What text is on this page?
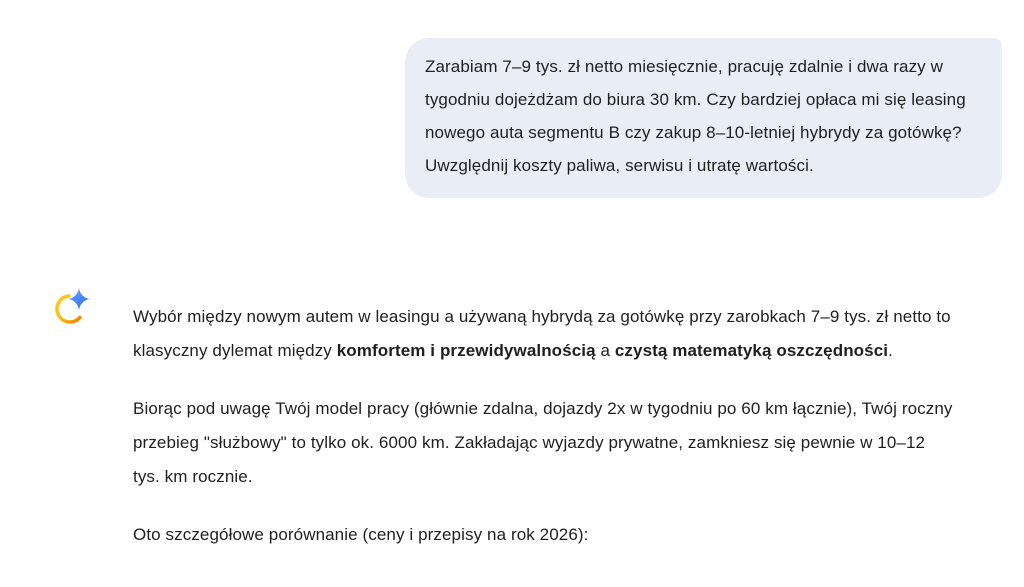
Zarabiam 7–9 tys. zł netto miesięcznie, pracuję zdalnie i dwa razy w tygodniu dojeżdżam do biura 30 km. Czy bardziej opłaca mi się leasing nowego auta segmentu B czy zakup 8–10-letniej hybrydy za gotówkę? Uwzględnij koszty paliwa, serwisu i utratę wartości.

Wybór między nowym autem w leasingu a używaną hybrydą za gotówkę przy zarobkach 7–9 tys. zł netto to klasyczny dylemat między komfortem i przewidywalnością a czystą matematyką oszczędności.

Biorąc pod uwagę Twój model pracy (głównie zdalna, dojazdy 2x w tygodniu po 60 km łącznie), Twój roczny przebieg "służbowy" to tylko ok. 6000 km. Zakładając wyjazdy prywatne, zamkniesz się pewnie w 10–12 tys. km rocznie.

Oto szczegółowe porównanie (ceny i przepisy na rok 2026):
